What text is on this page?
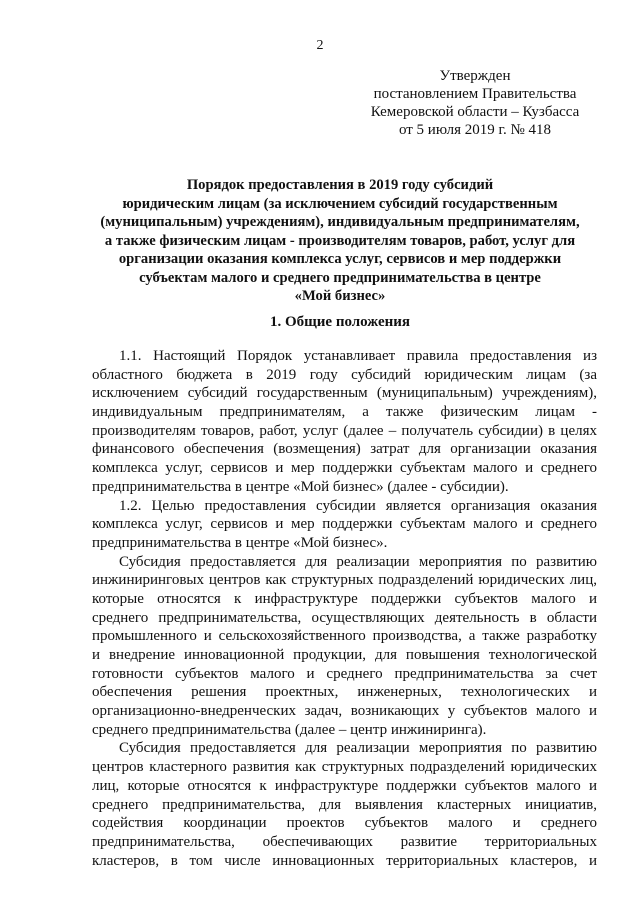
2
Утвержден
постановлением Правительства
Кемеровской области – Кузбасса
от 5 июля 2019 г. № 418
Порядок предоставления в 2019 году субсидий
юридическим лицам (за исключением субсидий государственным
(муниципальным) учреждениям), индивидуальным предпринимателям,
а также физическим лицам - производителям товаров, работ, услуг для
организации оказания комплекса услуг, сервисов и мер поддержки
субъектам малого и среднего предпринимательства в центре
«Мой бизнес»
1. Общие положения
1.1. Настоящий Порядок устанавливает правила предоставления из
областного бюджета в 2019 году субсидий юридическим лицам (за
исключением субсидий государственным (муниципальным) учреждениям),
индивидуальным предпринимателям, а также физическим лицам -
производителям товаров, работ, услуг (далее – получатель субсидии) в целях
финансового обеспечения (возмещения) затрат для организации оказания
комплекса услуг, сервисов и мер поддержки субъектам малого и среднего
предпринимательства в центре «Мой бизнес» (далее - субсидии).
1.2. Целью предоставления субсидии является организация оказания
комплекса услуг, сервисов и мер поддержки субъектам малого и среднего
предпринимательства в центре «Мой бизнес».
Субсидия предоставляется для реализации мероприятия по развитию
инжиниринговых центров как структурных подразделений юридических лиц,
которые относятся к инфраструктуре поддержки субъектов малого и
среднего предпринимательства, осуществляющих деятельность в области
промышленного и сельскохозяйственного производства, а также разработку
и внедрение инновационной продукции, для повышения технологической
готовности субъектов малого и среднего предпринимательства за счет
обеспечения решения проектных, инженерных, технологических и
организационно-внедренческих задач, возникающих у субъектов малого и
среднего предпринимательства (далее – центр инжиниринга).
Субсидия предоставляется для реализации мероприятия по развитию
центров кластерного развития как структурных подразделений юридических
лиц, которые относятся к инфраструктуре поддержки субъектов малого и
среднего предпринимательства, для выявления кластерных инициатив,
содействия координации проектов субъектов малого и среднего
предпринимательства, обеспечивающих развитие территориальных
кластеров, в том числе инновационных территориальных кластеров, и
